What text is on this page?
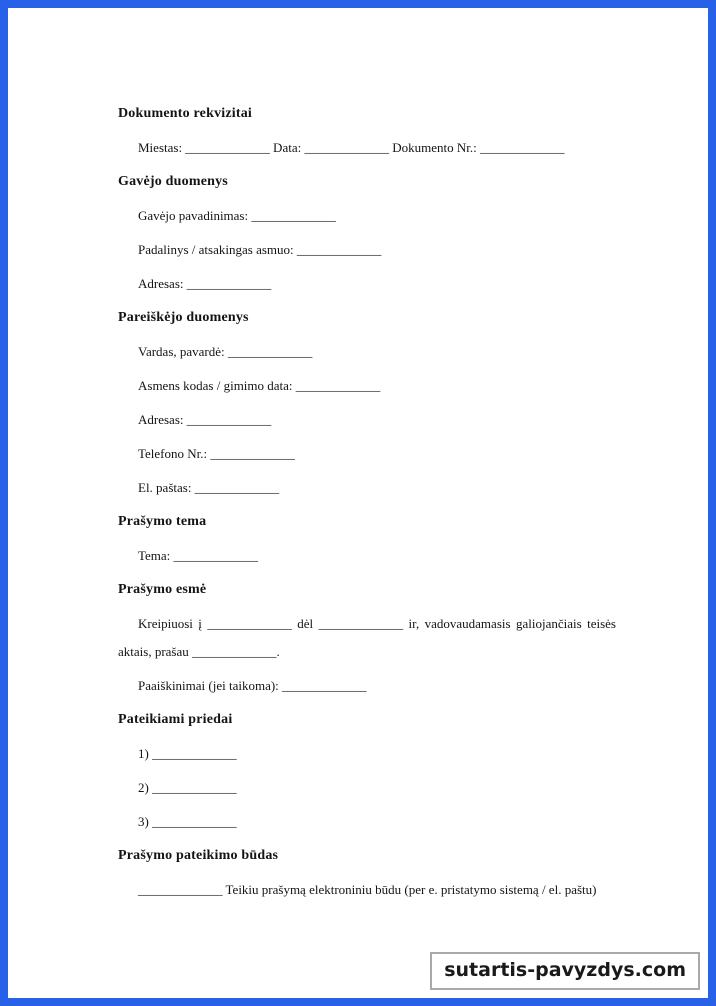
Dokumento rekvizitai
Miestas: _____________ Data: _____________ Dokumento Nr.: _____________
Gavėjo duomenys
Gavėjo pavadinimas: _____________
Padalinys / atsakingas asmuo: _____________
Adresas: _____________
Pareiškėjo duomenys
Vardas, pavardė: _____________
Asmens kodas / gimimo data: _____________
Adresas: _____________
Telefono Nr.: _____________
El. paštas: _____________
Prašymo tema
Tema: _____________
Prašymo esmė
Kreipiuosi į _____________ dėl _____________ ir, vadovaudamasis galiojančiais teisės aktais, prašau _____________.
Paaiškinimai (jei taikoma): _____________
Pateikiami priedai
1) _____________
2) _____________
3) _____________
Prašymo pateikimo būdas
_____________ Teikiu prašymą elektroniniu būdu (per e. pristatymo sistemą / el. paštu)
sutartis-pavyzdys.com
